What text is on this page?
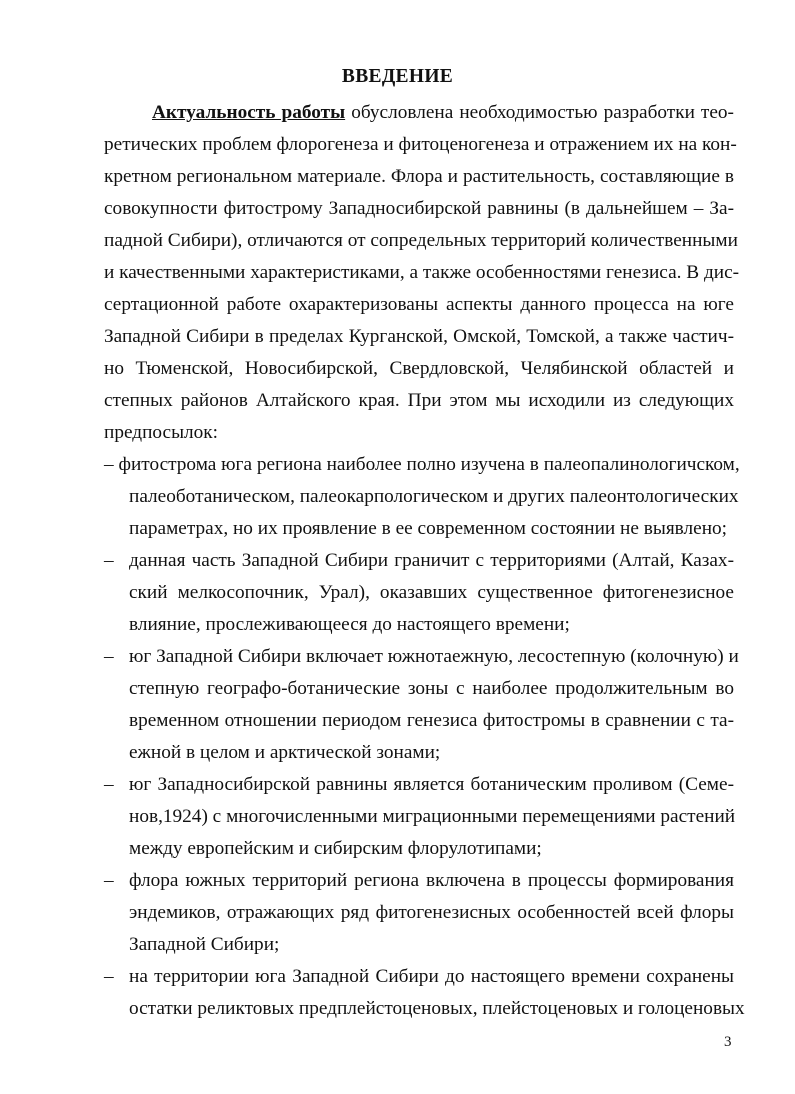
ВВЕДЕНИЕ
Актуальность работы обусловлена необходимостью разработки тео-
ретических проблем флорогенеза и фитоценогенеза и отражением их на кон-
кретном региональном материале. Флора и растительность, составляющие в
совокупности фитострому Западносибирской равнины (в дальнейшем – За-
падной Сибири), отличаются от сопредельных территорий количественными
и качественными характеристиками, а также особенностями генезиса. В дис-
сертационной работе охарактеризованы аспекты данного процесса на юге
Западной Сибири в пределах Курганской, Омской, Томской, а также частич-
но Тюменской, Новосибирской, Свердловской, Челябинской областей и
степных районов Алтайского края. При этом мы исходили из следующих
предпосылок:
– фитострома юга региона наиболее полно изучена в палеопалинологичском,
палеоботаническом, палеокарпологическом и других палеонтологических
параметрах, но их проявление в ее современном состоянии не выявлено;
– данная часть Западной Сибири граничит с территориями (Алтай, Казах-
ский мелкосопочник, Урал), оказавших существенное фитогенезисное
влияние, прослеживающееся до настоящего времени;
– юг Западной Сибири включает южнотаежную, лесостепную (колочную) и
степную географо-ботанические зоны с наиболее продолжительным во
временном отношении периодом генезиса фитостромы в сравнении с та-
ежной в целом и арктической зонами;
– юг Западносибирской равнины является ботаническим проливом (Семе-
нов,1924) с многочисленными миграционными перемещениями растений
между европейским и сибирским флорулотипами;
– флора южных территорий региона включена в процессы формирования
эндемиков, отражающих ряд фитогенезисных особенностей всей флоры
Западной Сибири;
– на территории юга Западной Сибири до настоящего времени сохранены
остатки реликтовых предплейстоценовых, плейстоценовых и голоценовых
3
